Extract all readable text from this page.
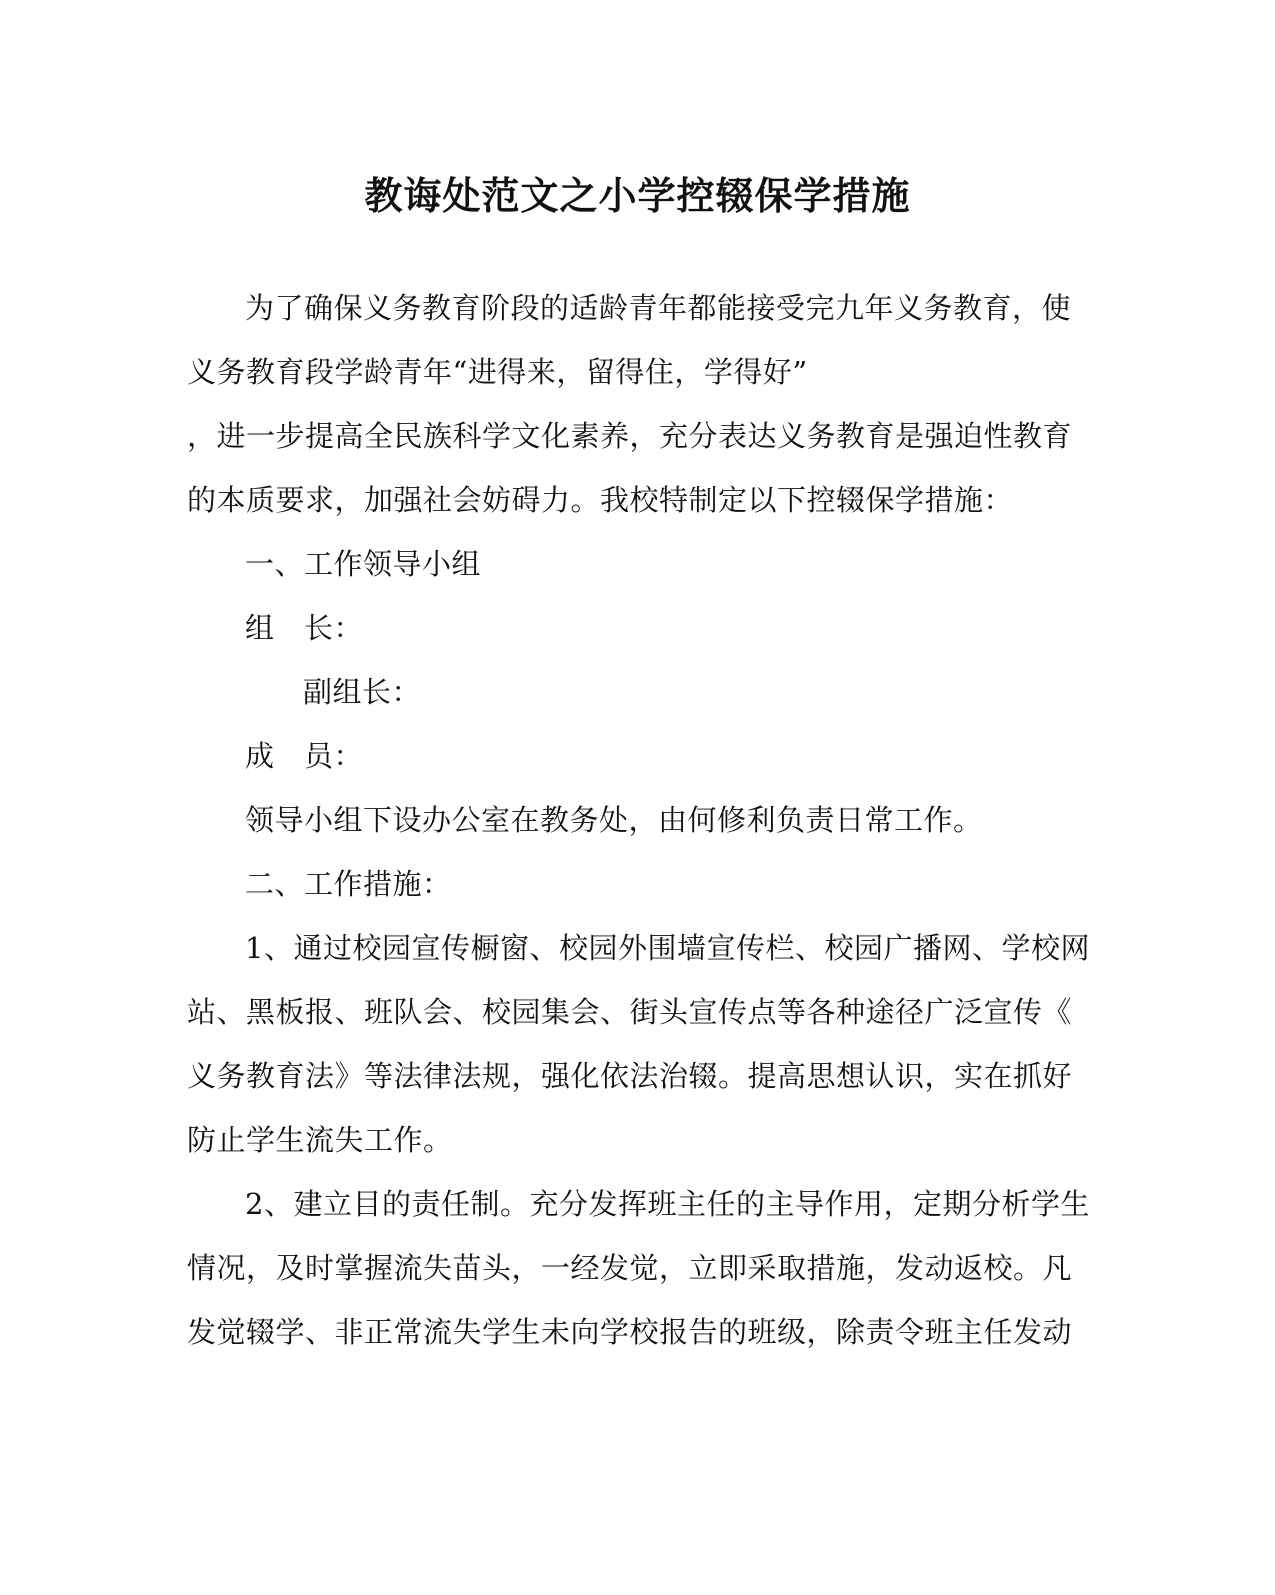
教诲处范文之小学控辍保学措施
为了确保义务教育阶段的适龄青年都能接受完九年义务教育，使
义务教育段学龄青年“进得来，留得住，学得好”
，进一步提高全民族科学文化素养，充分表达义务教育是强迫性教育
的本质要求，加强社会妨碍力。我校特制定以下控辍保学措施：
一、工作领导小组
组　长：
副组长：
成　员：
领导小组下设办公室在教务处，由何修利负责日常工作。
二、工作措施：
1、通过校园宣传橱窗、校园外围墙宣传栏、校园广播网、学校网
站、黑板报、班队会、校园集会、街头宣传点等各种途径广泛宣传《
义务教育法》等法律法规，强化依法治辍。提高思想认识，实在抓好
防止学生流失工作。
2、建立目的责任制。充分发挥班主任的主导作用，定期分析学生
情况，及时掌握流失苗头，一经发觉，立即采取措施，发动返校。凡
发觉辍学、非正常流失学生未向学校报告的班级，除责令班主任发动
